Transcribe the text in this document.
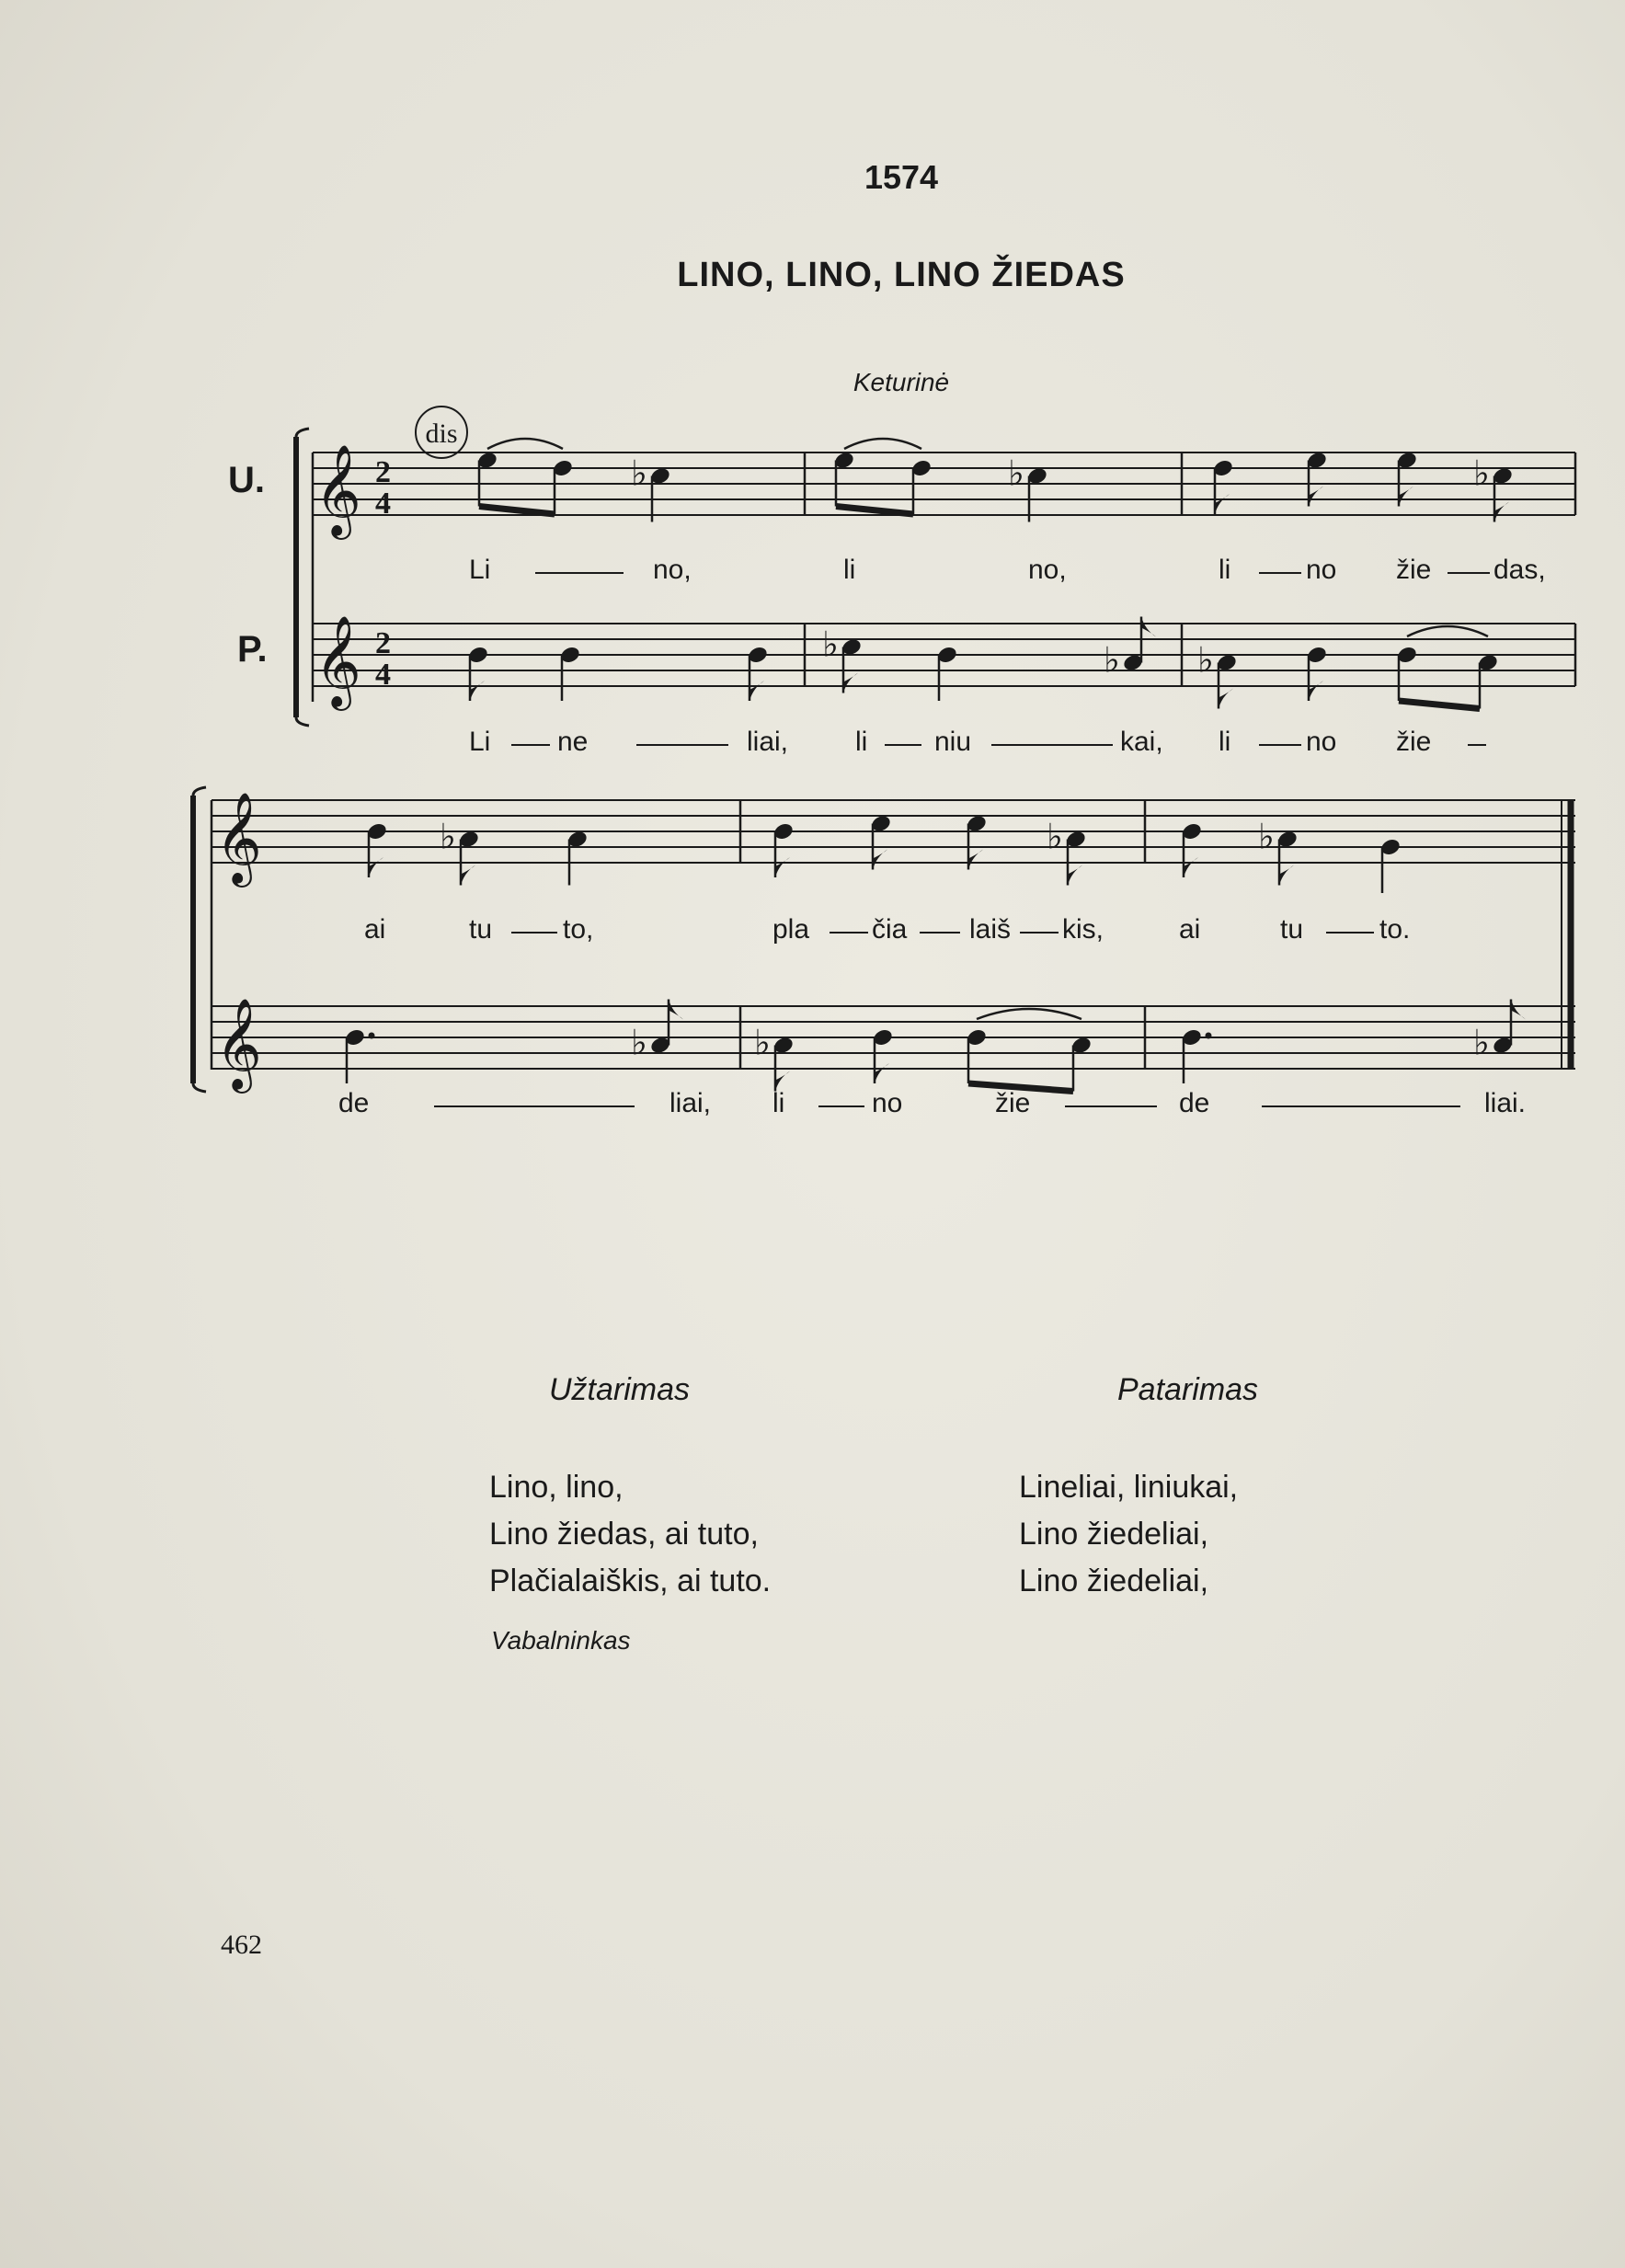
1574
LINO, LINO, LINO ŽIEDAS
Keturinė
U.
P.
𝄞
𝄞
𝄞
𝄞
2
4
2
4
dis
♭	♭	♭
♭	♭ ♭
♭	♭	♭
♭	♭	♭
Li	no,	li	no,	li	no žie das,
Li ne	liai, li niu	kai, li	no žie
ai	tu	to,	pla čia laiš kis,	ai	tu	to.
de	liai, li	no	žie	de	liai.
Užtarimas
Lino, lino,
Lino žiedas, ai tuto,
Plačialaiškis, ai tuto.
Vabalninkas
Patarimas
Lineliai, liniukai,
Lino žiedeliai,
Lino žiedeliai,
462
